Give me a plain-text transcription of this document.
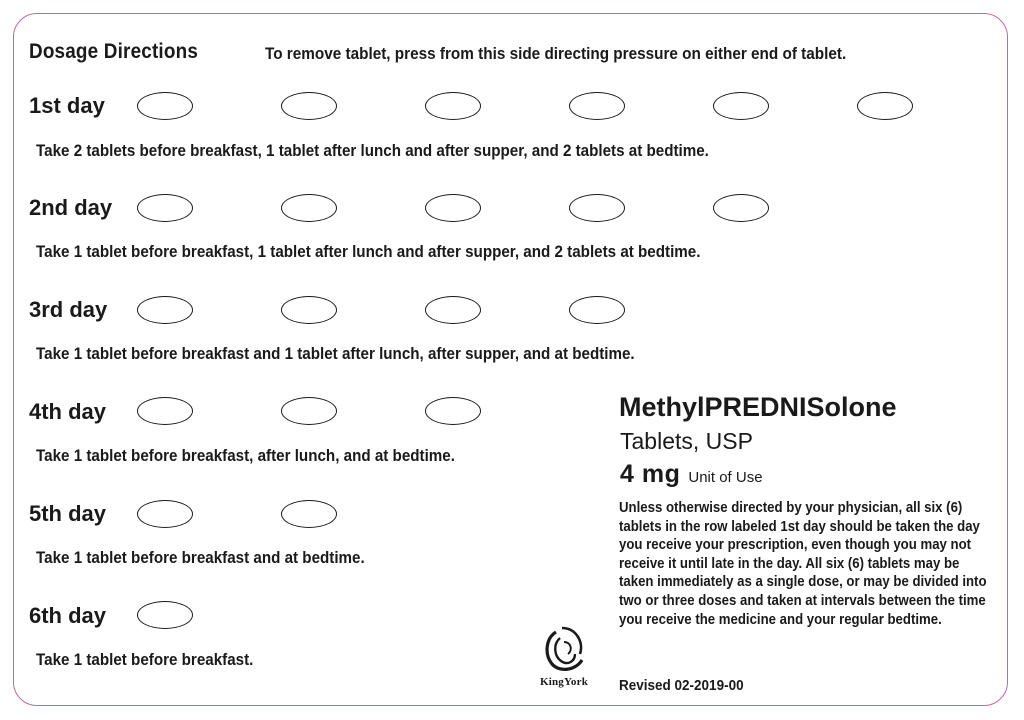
Dosage Directions	To remove tablet, press from this side directing pressure on either end of tablet.
1st day
Take 2 tablets before breakfast, 1 tablet after lunch and after supper, and 2 tablets at bedtime.
2nd day
Take 1 tablet before breakfast, 1 tablet after lunch and after supper, and 2 tablets at bedtime.
3rd day
Take 1 tablet before breakfast and 1 tablet after lunch, after supper, and at bedtime.
4th day
Take 1 tablet before breakfast, after lunch, and at bedtime.
5th day
Take 1 tablet before breakfast and at bedtime.
6th day
Take 1 tablet before breakfast.
MethylPREDNISolone
Tablets, USP
4 mg Unit of Use
Unless otherwise directed by your physician, all six (6) tablets in the row labeled 1st day should be taken the day you receive your prescription, even though you may not receive it until late in the day. All six (6) tablets may be taken immediately as a single dose, or may be divided into two or three doses and taken at intervals between the time you receive the medicine and your regular bedtime.
Revised 02-2019-00
KingYork
